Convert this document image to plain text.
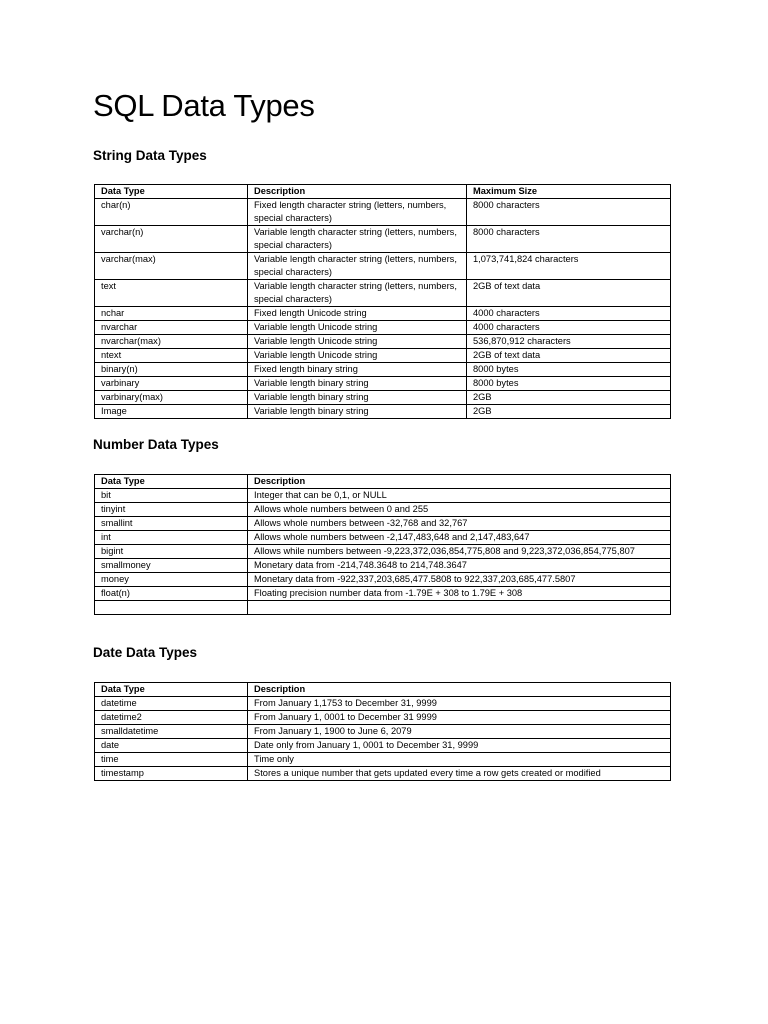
SQL Data Types
String Data Types
Data Type	Description	Maximum Size
char(n)	Fixed length character string (letters, numbers, special characters)	8000 characters
varchar(n)	Variable length character string (letters, numbers, special characters)	8000 characters
varchar(max)	Variable length character string (letters, numbers, special characters)	1,073,741,824 characters
text	Variable length character string (letters, numbers, special characters)	2GB of text data
nchar	Fixed length Unicode string	4000 characters
nvarchar	Variable length Unicode string	4000 characters
nvarchar(max)	Variable length Unicode string	536,870,912 characters
ntext	Variable length Unicode string	2GB of text data
binary(n)	Fixed length binary string	8000 bytes
varbinary	Variable length binary string	8000 bytes
varbinary(max)	Variable length binary string	2GB
Image	Variable length binary string	2GB
Number Data Types
Data Type	Description
bit	Integer that can be 0,1, or NULL
tinyint	Allows whole numbers between 0 and 255
smallint	Allows whole numbers between -32,768 and 32,767
int	Allows whole numbers between -2,147,483,648 and 2,147,483,647
bigint	Allows while numbers between -9,223,372,036,854,775,808 and 9,223,372,036,854,775,807
smallmoney	Monetary data from -214,748.3648 to 214,748.3647
money	Monetary data from -922,337,203,685,477.5808 to 922,337,203,685,477.5807
float(n)	Floating precision number data from -1.79E + 308 to 1.79E + 308

Date Data Types
Data Type	Description
datetime	From January 1,1753 to December 31, 9999
datetime2	From January 1, 0001 to December 31 9999
smalldatetime	From January 1, 1900 to June 6, 2079
date	Date only from January 1, 0001 to December 31, 9999
time	Time only
timestamp	Stores a unique number that gets updated every time a row gets created or modified
